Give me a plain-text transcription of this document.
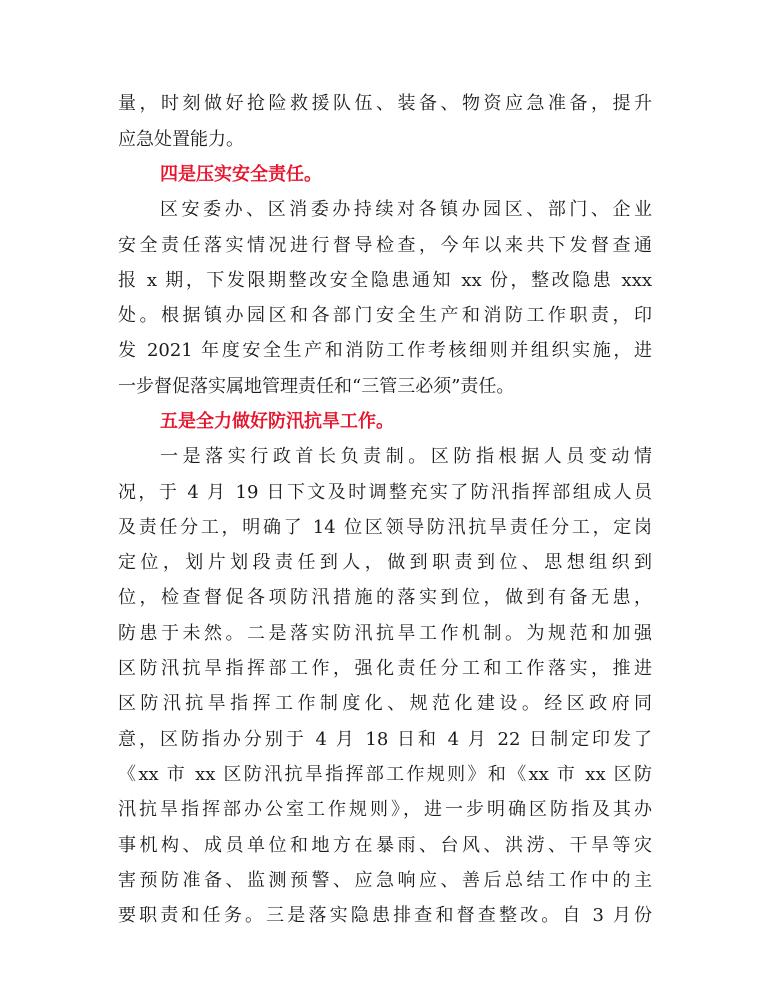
量，时刻做好抢险救援队伍、装备、物资应急准备，提升
应急处置能力。
四是压实安全责任。
区安委办、区消委办持续对各镇办园区、部门、企业
安全责任落实情况进行督导检查，今年以来共下发督查通
报 x 期，下发限期整改安全隐患通知 xx 份，整改隐患 xxx
处。根据镇办园区和各部门安全生产和消防工作职责，印
发 2021 年度安全生产和消防工作考核细则并组织实施，进
一步督促落实属地管理责任和“三管三必须”责任。
五是全力做好防汛抗旱工作。
一是落实行政首长负责制。区防指根据人员变动情
况，于 4 月 19 日下文及时调整充实了防汛指挥部组成人员
及责任分工，明确了 14 位区领导防汛抗旱责任分工，定岗
定位，划片划段责任到人，做到职责到位、思想组织到
位，检查督促各项防汛措施的落实到位，做到有备无患，
防患于未然。二是落实防汛抗旱工作机制。为规范和加强
区防汛抗旱指挥部工作，强化责任分工和工作落实，推进
区防汛抗旱指挥工作制度化、规范化建设。经区政府同
意，区防指办分别于 4 月 18 日和 4 月 22 日制定印发了
《xx 市 xx 区防汛抗旱指挥部工作规则》和《xx 市 xx 区防
汛抗旱指挥部办公室工作规则》，进一步明确区防指及其办
事机构、成员单位和地方在暴雨、台风、洪涝、干旱等灾
害预防准备、监测预警、应急响应、善后总结工作中的主
要职责和任务。三是落实隐患排查和督查整改。自 3 月份
